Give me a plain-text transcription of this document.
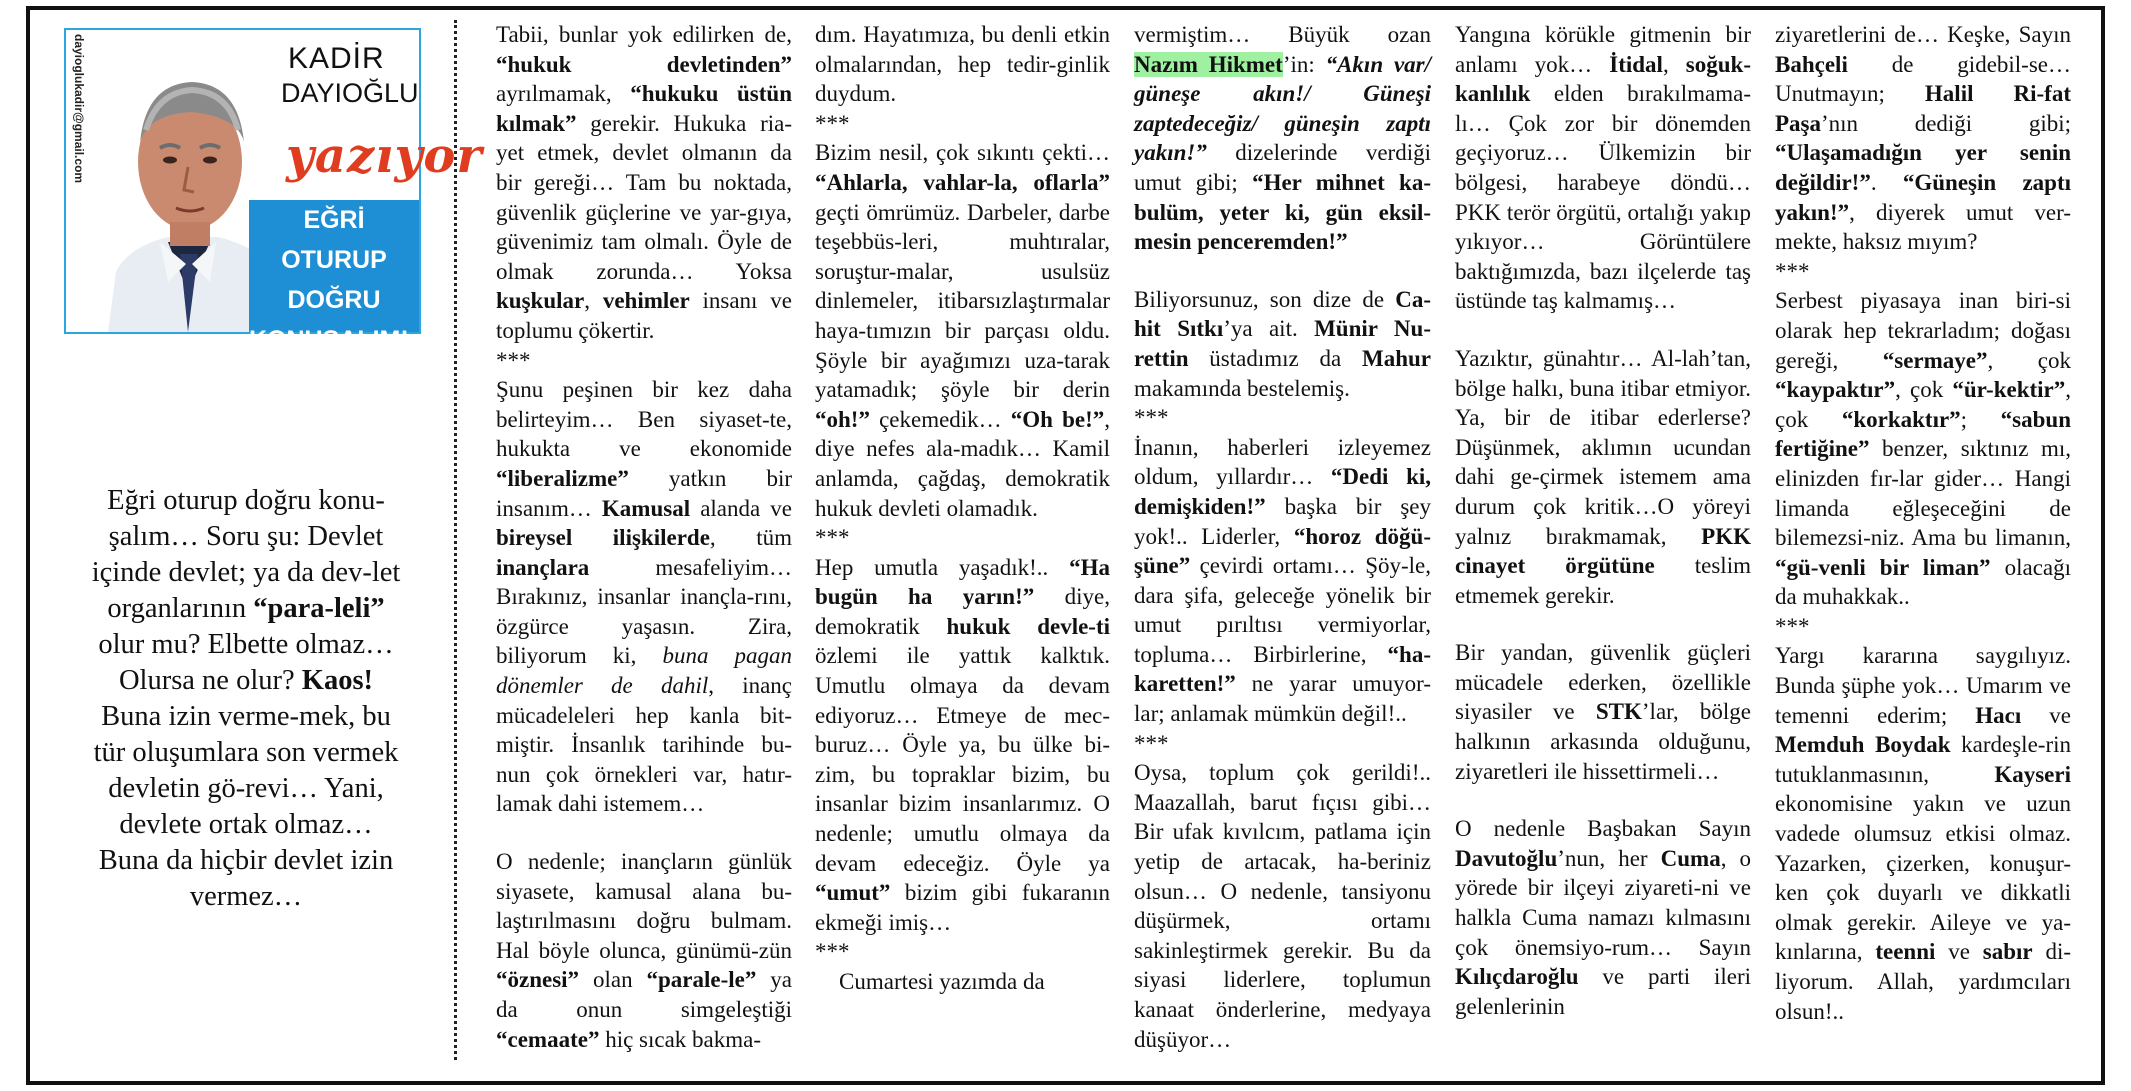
dayioglukadir@gmail.com	KADİR
DAYIOĞLU
yazıyor
EĞRİ OTURUP
DOĞRU
KONUŞALIM!..
Eğri oturup doğru konu-şalım… Soru şu: Devlet içinde devlet; ya da dev-let organlarının “para-leli” olur mu? Elbette olmaz… Olursa ne olur? Kaos! Buna izin verme-mek, bu tür oluşumlara son vermek devletin gö-revi… Yani, devlete ortak olmaz… Buna da hiçbir devlet izin vermez…

Tabii, bunlar yok edilirken de, “hukuk devletinden” ayrılmamak, “hukuku üstün kılmak” gerekir. Hukuka ria-yet etmek, devlet olmanın da bir gereği… Tam bu noktada, güvenlik güçlerine ve yar-gıya, güvenimiz tam olmalı. Öyle de olmak zorunda… Yoksa kuşkular, vehimler insanı ve toplumu çökertir.

***

Şunu peşinen bir kez daha belirteyim… Ben siyaset-te, hukukta ve ekonomide “liberalizme” yatkın bir insanım… Kamusal alanda ve bireysel ilişkilerde, tüm inançlara mesafeliyim… Bırakınız, insanlar inançla-rını, özgürce yaşasın. Zira, biliyorum ki, buna pagan dönemler de dahil, inanç mücadeleleri hep kanla bit-miştir. İnsanlık tarihinde bu-nun çok örnekleri var, hatır-lamak dahi istemem…

O nedenle; inançların günlük siyasete, kamusal alana bu-laştırılmasını doğru bulmam. Hal böyle olunca, günümü-zün “öznesi” olan “parale-le” ya da onun simgeleştiği “cemaate” hiç sıcak bakma-

dım. Hayatımıza, bu denli etkin olmalarından, hep tedir-ginlik duydum.

***

Bizim nesil, çok sıkıntı çekti… “Ahlarla, vahlar-la, oflarla” geçti ömrümüz. Darbeler, darbe teşebbüs-leri, muhtıralar, soruştur-malar, usulsüz dinlemeler, itibarsızlaştırmalar haya-tımızın bir parçası oldu. Şöyle bir ayağımızı uza-tarak yatamadık; şöyle bir derin “oh!” çekemedik… “Oh be!”, diye nefes ala-madık… Kamil anlamda, çağdaş, demokratik hukuk devleti olamadık.

***

Hep umutla yaşadık!.. “Ha bugün ha yarın!” diye, demokratik hukuk devle-ti özlemi ile yattık kalktık. Umutlu olmaya da devam ediyoruz… Etmeye de mec-buruz… Öyle ya, bu ülke bi-zim, bu topraklar bizim, bu insanlar bizim insanlarımız. O nedenle; umutlu olmaya da devam edeceğiz. Öyle ya “umut” bizim gibi fukaranın ekmeği imiş…

***

Cumartesi yazımda da

vermiştim… Büyük ozan Nazım Hikmet’in: “Akın var/ güneşe akın!/ Güneşi zaptedeceğiz/ güneşin zaptı yakın!” dizelerinde verdiği umut gibi; “Her mihnet ka-bulüm, yeter ki, gün eksil-mesin penceremden!”

Biliyorsunuz, son dize de Ca-hit Sıtkı’ya ait. Münir Nu-rettin üstadımız da Mahur makamında bestelemiş.

***

İnanın, haberleri izleyemez oldum, yıllardır… “Dedi ki, demişkiden!” başka bir şey yok!.. Liderler, “horoz döğü-şüne” çevirdi ortamı… Şöy-le, dara şifa, geleceğe yönelik bir umut pırıltısı vermiyorlar, topluma… Birbirlerine, “ha-karetten!” ne yarar umuyor-lar; anlamak mümkün değil!..

***

Oysa, toplum çok gerildi!.. Maazallah, barut fıçısı gibi… Bir ufak kıvılcım, patlama için yetip de artacak, ha-beriniz olsun… O nedenle, tansiyonu düşürmek, ortamı sakinleştirmek gerekir. Bu da siyasi liderlere, toplumun kanaat önderlerine, medyaya düşüyor…

Yangına körükle gitmenin bir anlamı yok… İtidal, soğuk-kanlılık elden bırakılmama-lı… Çok zor bir dönemden geçiyoruz… Ülkemizin bir bölgesi, harabeye döndü… PKK terör örgütü, ortalığı yakıp yıkıyor… Görüntülere baktığımızda, bazı ilçelerde taş üstünde taş kalmamış…

Yazıktır, günahtır… Al-lah’tan, bölge halkı, buna itibar etmiyor. Ya, bir de itibar ederlerse? Düşünmek, aklımın ucundan dahi ge-çirmek istemem ama durum çok kritik…O yöreyi yalnız bırakmamak, PKK cinayet örgütüne teslim etmemek gerekir.

Bir yandan, güvenlik güçleri mücadele ederken, özellikle siyasiler ve STK’lar, bölge halkının arkasında olduğunu, ziyaretleri ile hissettirmeli…

O nedenle Başbakan Sayın Davutoğlu’nun, her Cuma, o yörede bir ilçeyi ziyareti-ni ve halkla Cuma namazı kılmasını çok önemsiyo-rum… Sayın Kılıçdaroğlu ve parti ileri gelenlerinin

ziyaretlerini de… Keşke, Sayın Bahçeli de gidebil-se… Unutmayın; Halil Ri-fat Paşa’nın dediği gibi; “Ulaşamadığın yer senin değildir!”. “Güneşin zaptı yakın!”, diyerek umut ver-mekte, haksız mıyım?

***

Serbest piyasaya inan biri-si olarak hep tekrarladım; doğası gereği, “sermaye”, çok “kaypaktır”, çok “ür-kektir”, çok “korkaktır”; “sabun fertiğine” benzer, sıktınız mı, elinizden fır-lar gider… Hangi limanda eğleşeceğini de bilemezsi-niz. Ama bu limanın, “gü-venli bir liman” olacağı da muhakkak..

***

Yargı kararına saygılıyız. Bunda şüphe yok… Umarım ve temenni ederim; Hacı ve Memduh Boydak kardeşle-rin tutuklanmasının, Kayseri ekonomisine yakın ve uzun vadede olumsuz etkisi olmaz. Yazarken, çizerken, konuşur-ken çok duyarlı ve dikkatli olmak gerekir. Aileye ve ya-kınlarına, teenni ve sabır di-liyorum. Allah, yardımcıları olsun!..
